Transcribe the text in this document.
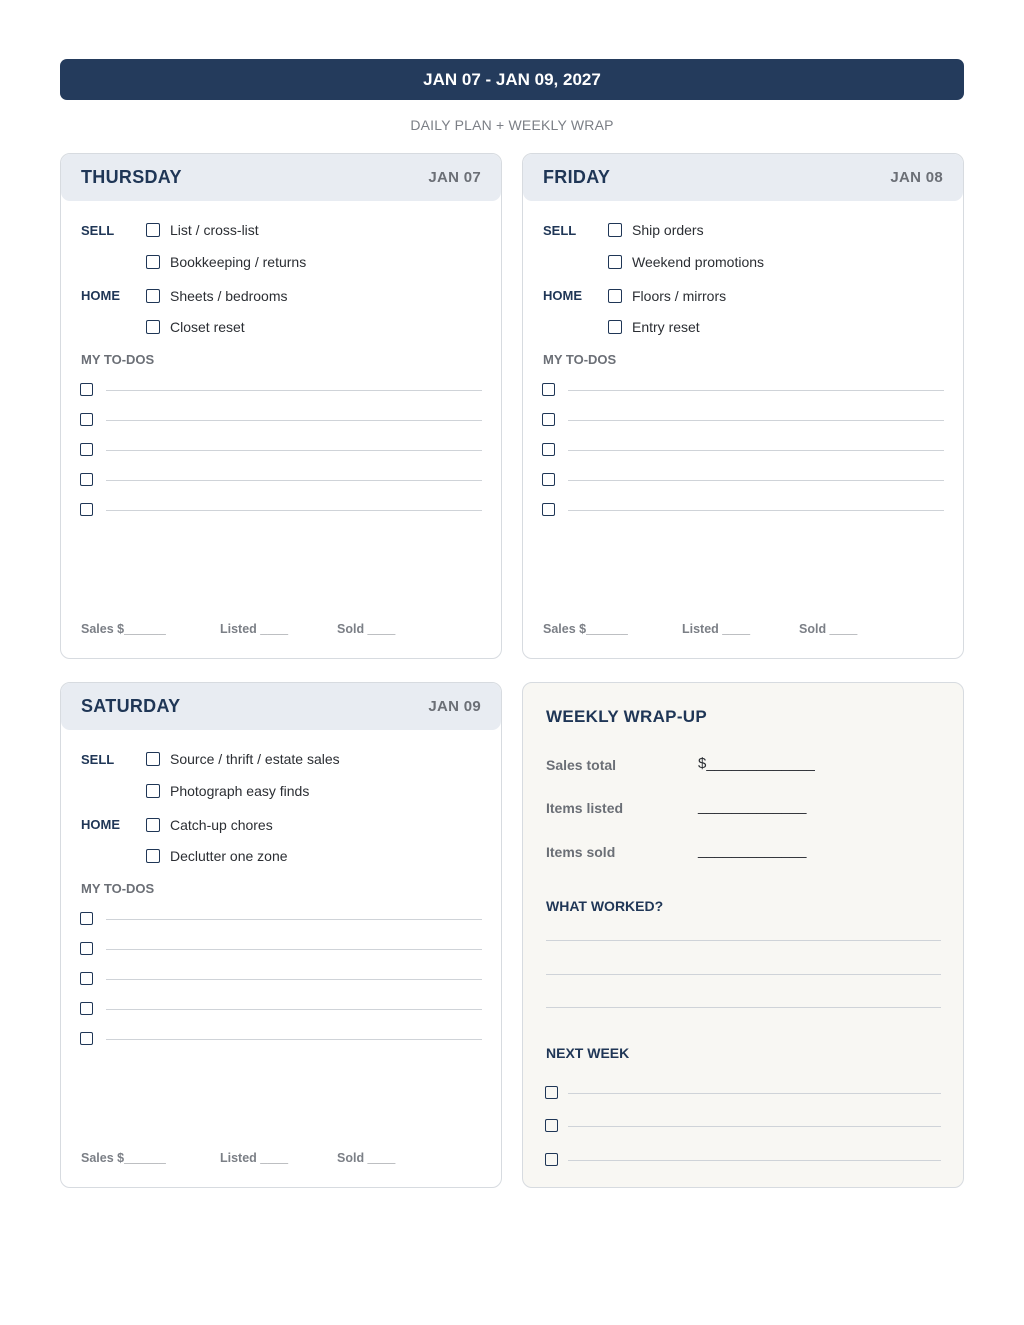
JAN 07 - JAN 09, 2027
DAILY PLAN + WEEKLY WRAP
THURSDAY	JAN 07
SELL	List / cross-list
Bookkeeping / returns
HOME	Sheets / bedrooms
Closet reset
MY TO-DOS
Sales $______	Listed ____	Sold ____
FRIDAY	JAN 08
SELL	Ship orders
Weekend promotions
HOME	Floors / mirrors
Entry reset
MY TO-DOS
Sales $______	Listed ____	Sold ____
SATURDAY	JAN 09
SELL	Source / thrift / estate sales
Photograph easy finds
HOME	Catch-up chores
Declutter one zone
MY TO-DOS
Sales $______	Listed ____	Sold ____
WEEKLY WRAP-UP
Sales total	$_____________
Items listed	_____________
Items sold	_____________
WHAT WORKED?
NEXT WEEK
